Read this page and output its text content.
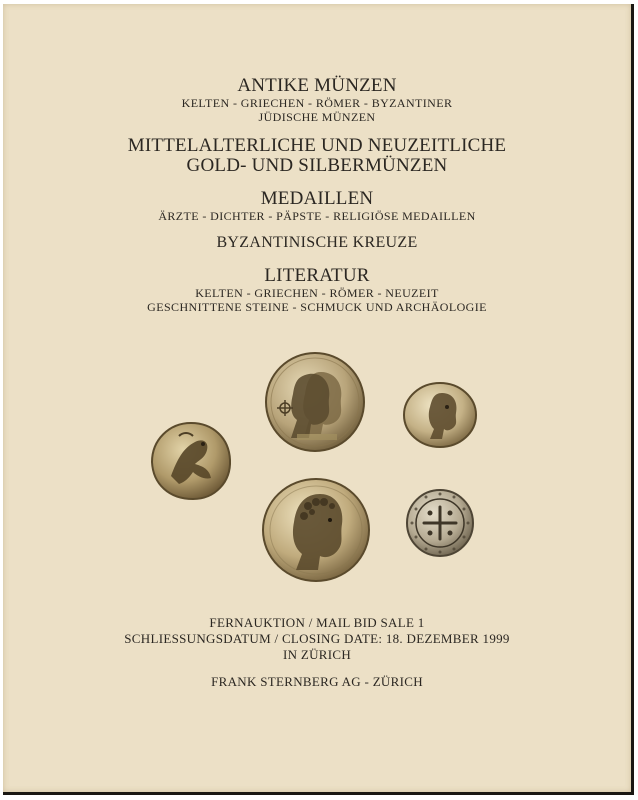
ANTIKE MÜNZEN
KELTEN - GRIECHEN - RÖMER - BYZANTINER
JÜDISCHE MÜNZEN
MITTELALTERLICHE UND NEUZEITLICHE
GOLD- UND SILBERMÜNZEN
MEDAILLEN
ÄRZTE - DICHTER - PÄPSTE - RELIGIÖSE MEDAILLEN
BYZANTINISCHE KREUZE
LITERATUR
KELTEN - GRIECHEN - RÖMER - NEUZEIT
GESCHNITTENE STEINE - SCHMUCK UND ARCHÄOLOGIE
FERNAUKTION / MAIL BID SALE 1
SCHLIESSUNGSDATUM / CLOSING DATE: 18. DEZEMBER 1999
IN ZÜRICH
FRANK STERNBERG AG - ZÜRICH
